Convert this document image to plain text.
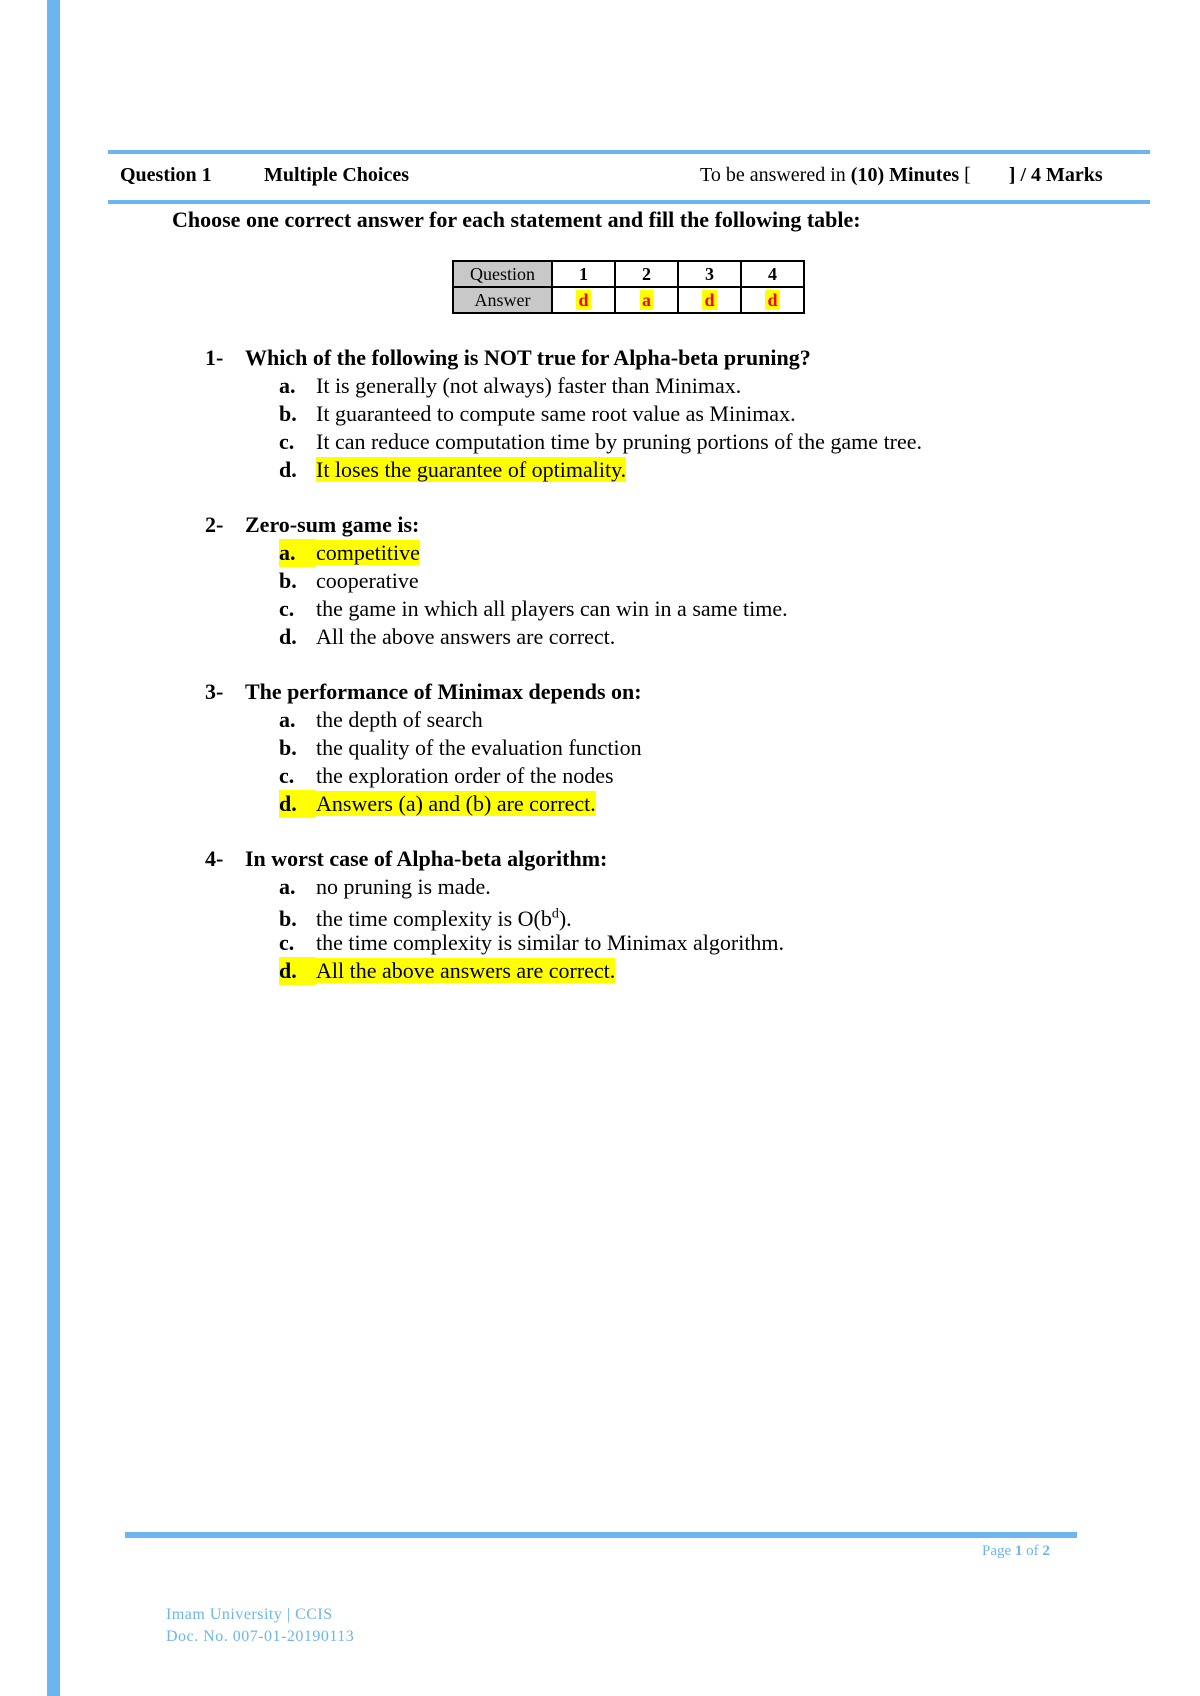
Question 1	Multiple Choices	To be answered in (10) Minutes [ ] / 4 Marks
Choose one correct answer for each statement and fill the following table:
Question	1	2	3	4
Answer	d	a	d	d
1- Which of the following is NOT true for Alpha-beta pruning?
a. It is generally (not always) faster than Minimax.
b. It guaranteed to compute same root value as Minimax.
c. It can reduce computation time by pruning portions of the game tree.
d. It loses the guarantee of optimality.
2- Zero-sum game is:
a. competitive
b. cooperative
c. the game in which all players can win in a same time.
d. All the above answers are correct.
3- The performance of Minimax depends on:
a. the depth of search
b. the quality of the evaluation function
c. the exploration order of the nodes
d. Answers (a) and (b) are correct.
4- In worst case of Alpha-beta algorithm:
a. no pruning is made.
b. the time complexity is $O(b^d)$.
c. the time complexity is similar to Minimax algorithm.
d. All the above answers are correct.
Page 1 of 2
Imam University | CCIS
Doc. No. 007-01-20190113
